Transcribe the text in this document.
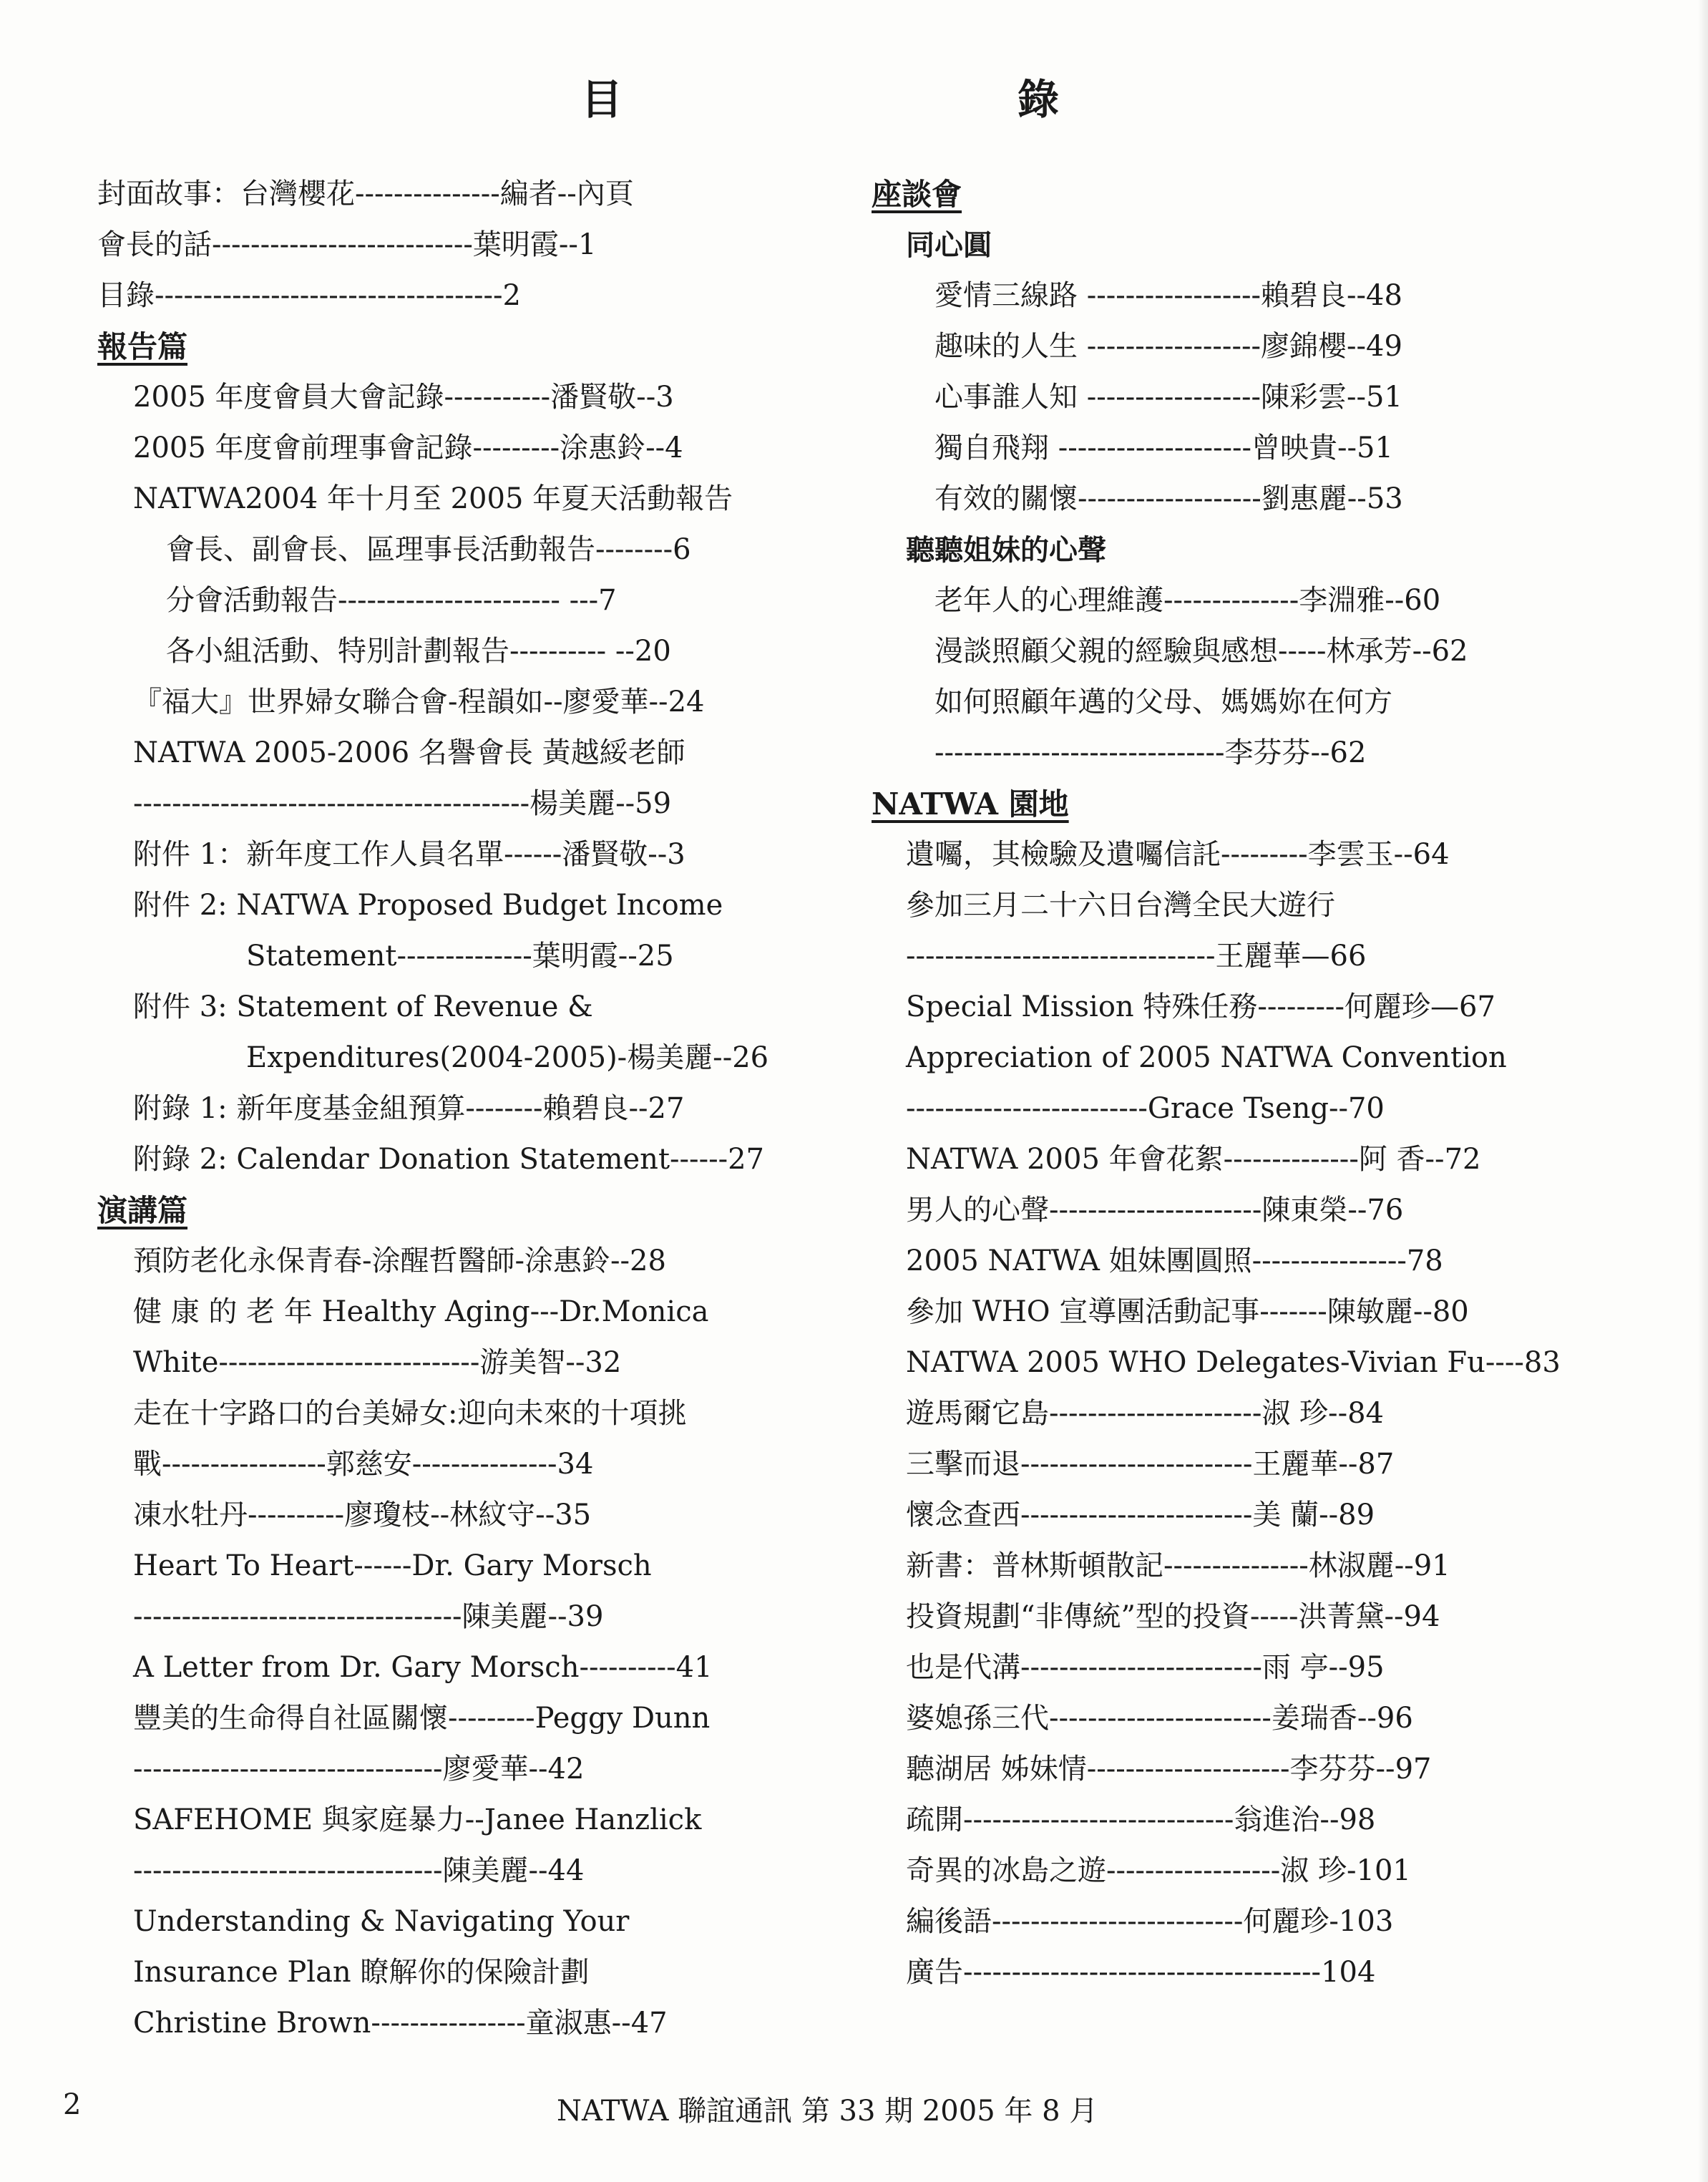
目	錄
封面故事：台灣櫻花---------------編者--內頁
會長的話---------------------------葉明霞--1
目錄------------------------------------2
報告篇
2005 年度會員大會記錄-----------潘賢敬--3
2005 年度會前理事會記錄---------涂惠鈴--4
NATWA2004 年十月至 2005 年夏天活動報告
會長、副會長、區理事長活動報告--------6
分會活動報告----------------------- ---7
各小組活動、特別計劃報告---------- --20
『福大』世界婦女聯合會-程韻如--廖愛華--24
NATWA 2005-2006 名譽會長 黃越綏老師
-----------------------------------------楊美麗--59
附件 1：新年度工作人員名單------潘賢敬--3
附件 2: NATWA Proposed Budget Income
Statement--------------葉明霞--25
附件 3: Statement of Revenue &
Expenditures(2004-2005)-楊美麗--26
附錄 1: 新年度基金組預算--------賴碧良--27
附錄 2: Calendar Donation Statement------27
演講篇
預防老化永保青春-涂醒哲醫師-涂惠鈴--28
健 康 的 老 年 Healthy Aging---Dr.Monica
White---------------------------游美智--32
走在十字路口的台美婦女:迎向未來的十項挑
戰-----------------郭慈安---------------34
凍水牡丹----------廖瓊枝--林紋守--35
Heart To Heart------Dr. Gary Morsch
----------------------------------陳美麗--39
A Letter from Dr. Gary Morsch----------41
豐美的生命得自社區關懷---------Peggy Dunn
--------------------------------廖愛華--42
SAFEHOME 與家庭暴力--Janee Hanzlick
--------------------------------陳美麗--44
Understanding & Navigating Your
Insurance Plan 瞭解你的保險計劃
Christine Brown----------------童淑惠--47
座談會
同心圓
愛情三線路 ------------------賴碧良--48
趣味的人生 ------------------廖錦櫻--49
心事誰人知 ------------------陳彩雲--51
獨自飛翔 --------------------曾映貴--51
有效的關懷-------------------劉惠麗--53
聽聽姐妹的心聲
老年人的心理維護--------------李淵雅--60
漫談照顧父親的經驗與感想-----林承芳--62
如何照顧年邁的父母、媽媽妳在何方
------------------------------李芬芬--62
NATWA 園地
遺囑，其檢驗及遺囑信託---------李雲玉--64
參加三月二十六日台灣全民大遊行
--------------------------------王麗華—66
Special Mission 特殊任務---------何麗珍—67
Appreciation of 2005 NATWA Convention
-------------------------Grace Tseng--70
NATWA 2005 年會花絮--------------阿 香--72
男人的心聲----------------------陳東榮--76
2005 NATWA 姐妹團圓照----------------78
參加 WHO 宣導團活動記事-------陳敏麗--80
NATWA 2005 WHO Delegates-Vivian Fu----83
遊馬爾它島----------------------淑 珍--84
三擊而退------------------------王麗華--87
懷念查西------------------------美 蘭--89
新書：普林斯頓散記---------------林淑麗--91
投資規劃“非傳統”型的投資-----洪菁黛--94
也是代溝-------------------------雨 亭--95
婆媳孫三代-----------------------姜瑞香--96
聽湖居 姊妹情---------------------李芬芬--97
疏開----------------------------翁進治--98
奇異的冰島之遊------------------淑 珍-101
編後語--------------------------何麗珍-103
廣告-------------------------------------104
2	NATWA 聯誼通訊 第 33 期 2005 年 8 月
